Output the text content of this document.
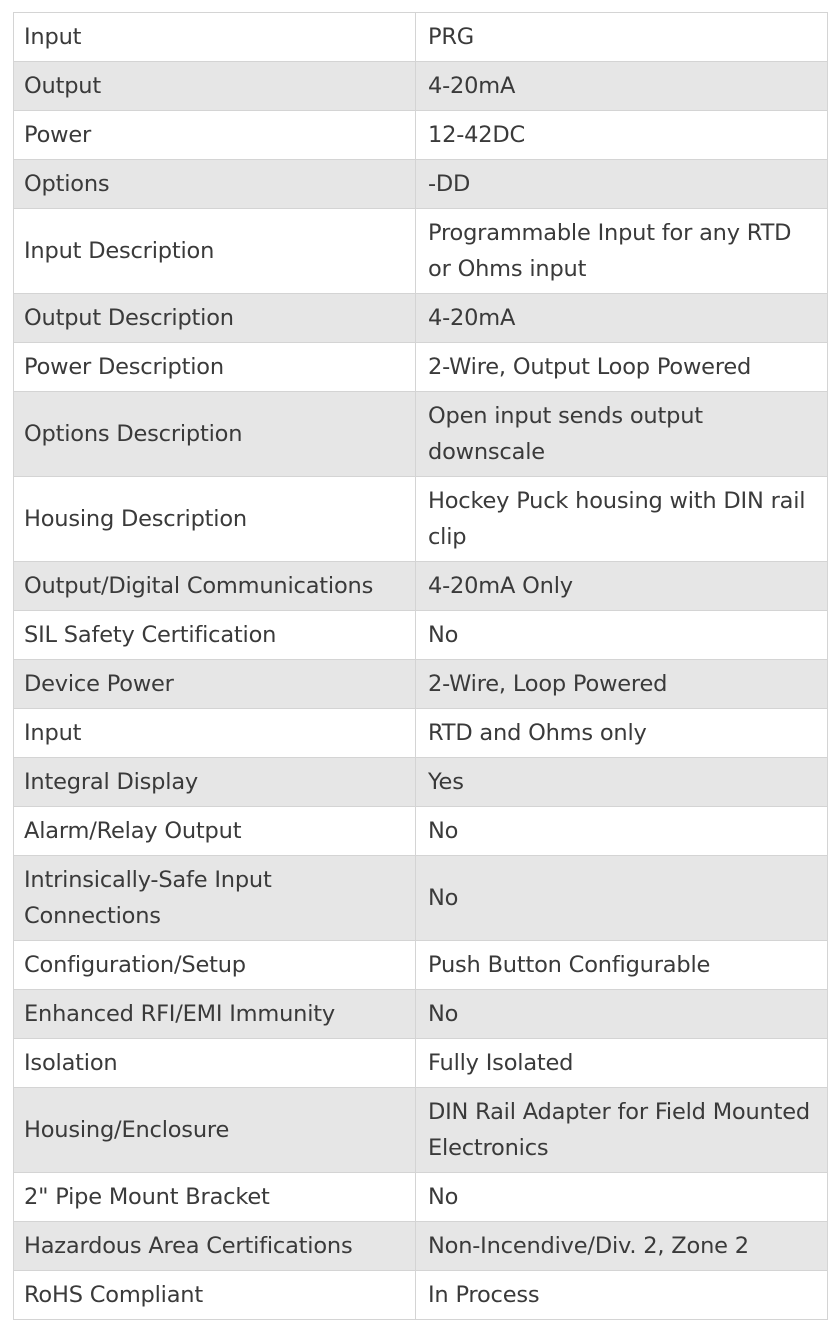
Input	PRG
Output	4-20mA
Power	12-42DC
Options	-DD
Input Description	Programmable Input for any RTD or Ohms input
Output Description	4-20mA
Power Description	2-Wire, Output Loop Powered
Options Description	Open input sends output downscale
Housing Description	Hockey Puck housing with DIN rail clip
Output/Digital Communications	4-20mA Only
SIL Safety Certification	No
Device Power	2-Wire, Loop Powered
Input	RTD and Ohms only
Integral Display	Yes
Alarm/Relay Output	No
Intrinsically-Safe Input Connections	No
Configuration/Setup	Push Button Configurable
Enhanced RFI/EMI Immunity	No
Isolation	Fully Isolated
Housing/Enclosure	DIN Rail Adapter for Field Mounted Electronics
2" Pipe Mount Bracket	No
Hazardous Area Certifications	Non-Incendive/Div. 2, Zone 2
RoHS Compliant	In Process
